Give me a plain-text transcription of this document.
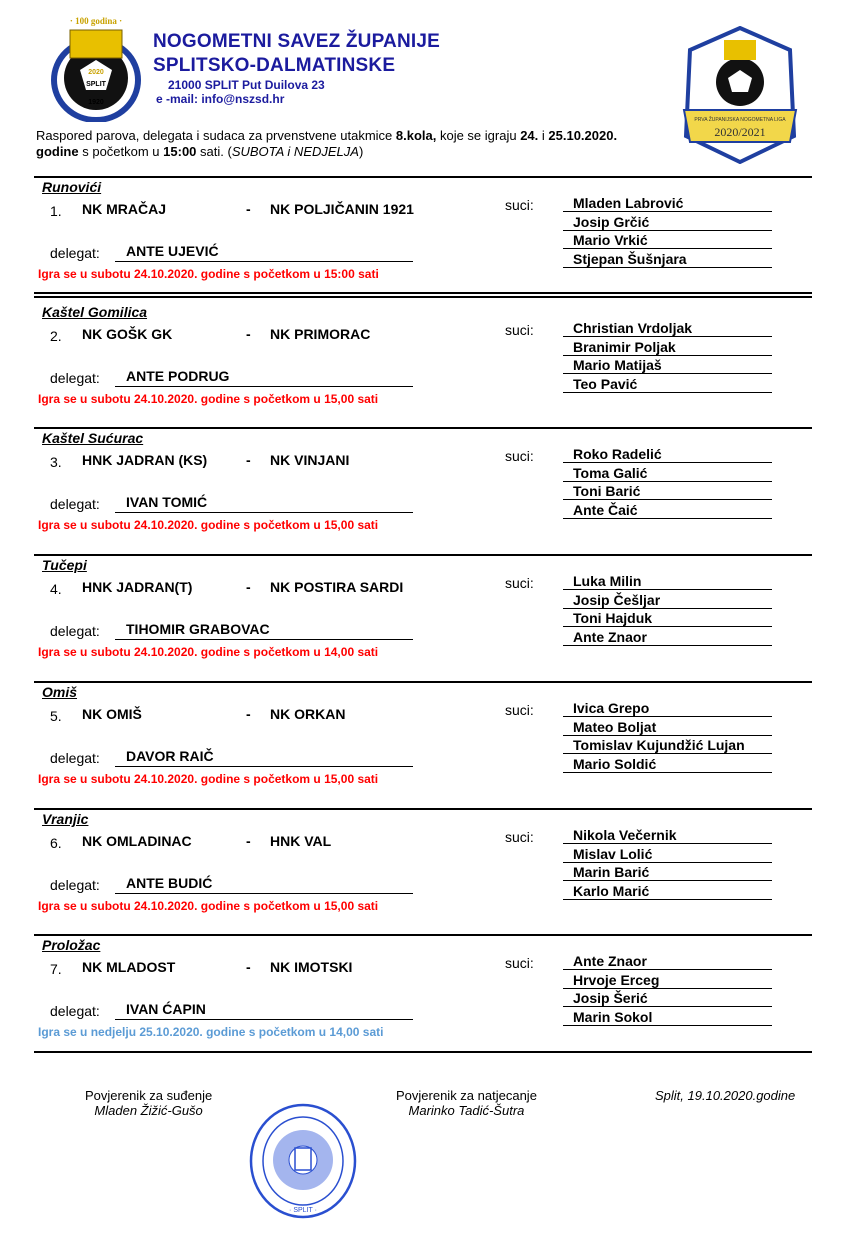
· 100 godina ·
2020
SPLIT
1920
NOGOMETNI SAVEZ ŽUPANIJE
SPLITSKO-DALMATINSKE
21000 SPLIT Put Duilova 23
e -mail: info@nszsd.hr
PRVA ŽUPANIJSKA NOGOMETNA LIGA
2020/2021
Raspored parova, delegata i sudaca za prvenstvene utakmice 8.kola, koje se igraju 24. i 25.10.2020.
godine s početkom u 15:00 sati. (SUBOTA i NEDJELJA)
Runovići
1. NK MRAČAJ	- NK POLJIČANIN 1921	suci:	Mladen Labrović
Josip Grčić
Mario Vrkić
Stjepan Šušnjara
delegat:	ANTE UJEVIĆ
Igra se u subotu 24.10.2020. godine s početkom u 15:00 sati
Kaštel Gomilica
2. NK GOŠK GK	- NK PRIMORAC	suci:	Christian Vrdoljak
Branimir Poljak
Mario Matijaš
Teo Pavić
delegat:	ANTE PODRUG
Igra se u subotu 24.10.2020. godine s početkom u 15,00 sati
Kaštel Sućurac
3. HNK JADRAN (KS)	- NK VINJANI	suci:	Roko Radelić
Toma Galić
Toni Barić
Ante Čaić
delegat:	IVAN TOMIĆ
Igra se u subotu 24.10.2020. godine s početkom u 15,00 sati
Tučepi
4. HNK JADRAN(T)	- NK POSTIRA SARDI	suci:	Luka Milin
Josip Češljar
Toni Hajduk
Ante Znaor
delegat:	TIHOMIR GRABOVAC
Igra se u subotu 24.10.2020. godine s početkom u 14,00 sati
Omiš
5. NK OMIŠ	- NK ORKAN	suci:	Ivica Grepo
Mateo Boljat
Tomislav Kujundžić Lujan
Mario Soldić
delegat:	DAVOR RAIČ
Igra se u subotu 24.10.2020. godine s početkom u 15,00 sati
Vranjic
6. NK OMLADINAC	- HNK VAL	suci:	Nikola Večernik
Mislav Lolić
Marin Barić
Karlo Marić
delegat:	ANTE BUDIĆ
Igra se u subotu 24.10.2020. godine s početkom u 15,00 sati
Proložac
7. NK MLADOST	- NK IMOTSKI	suci:	Ante Znaor
Hrvoje Erceg
Josip Šerić
Marin Sokol
delegat:	IVAN ĆAPIN
Igra se u nedjelju 25.10.2020. godine s početkom u 14,00 sati
Povjerenik za suđenje
Mladen Žižić-Gušo
Povjerenik za natjecanje
Marinko Tadić-Šutra
Split, 19.10.2020.godine
· SPLIT ·
